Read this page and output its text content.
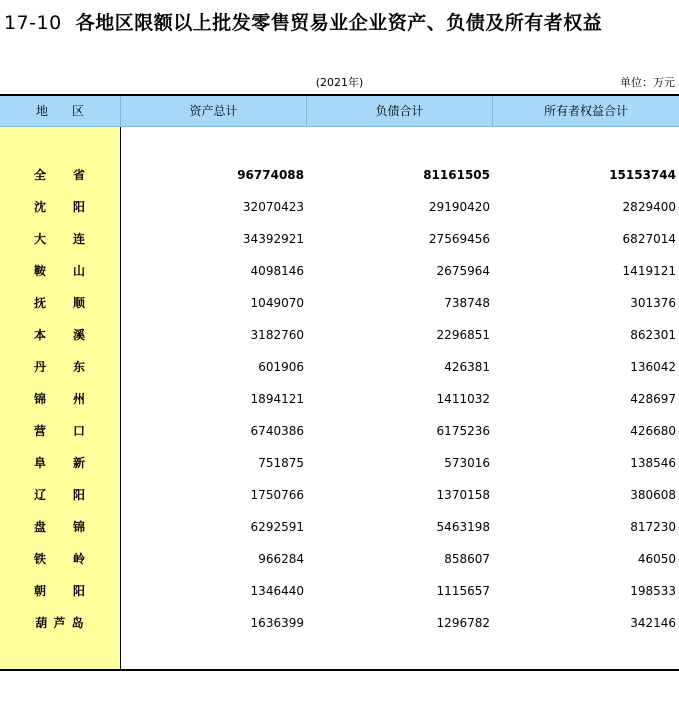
17-10 各地区限额以上批发零售贸易业企业资产、负债及所有者权益
(2021年)	单位：万元
地　　区	资产总计	负债合计	所有者权益合计
全　　省	96774088	81161505	15153744
沈　　阳	32070423	29190420	2829400
大　　连	34392921	27569456	6827014
鞍　　山	4098146	2675964	1419121
抚　　顺	1049070	738748	301376
本　　溪	3182760	2296851	862301
丹　　东	601906	426381	136042
锦　　州	1894121	1411032	428697
营　　口	6740386	6175236	426680
阜　　新	751875	573016	138546
辽　　阳	1750766	1370158	380608
盘　　锦	6292591	5463198	817230
铁　　岭	966284	858607	46050
朝　　阳	1346440	1115657	198533
葫 芦 岛	1636399	1296782	342146
